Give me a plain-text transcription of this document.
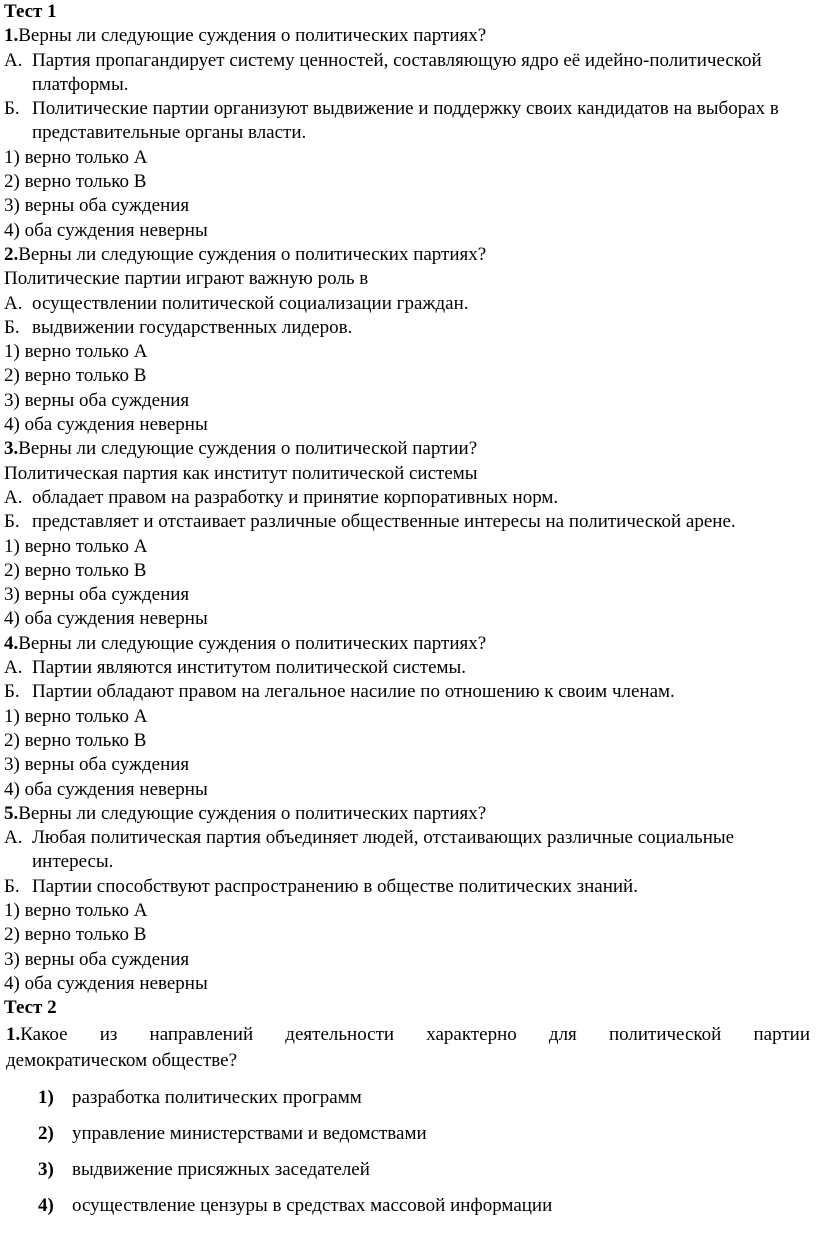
Тест 1
1.Верны ли следующие суждения о политических партиях?
А. Партия пропагандирует систему ценностей, составляющую ядро её идейно-политической платформы.
Б. Политические партии организуют выдвижение и поддержку своих кандидатов на выборах в представительные органы власти.
1) верно только А
2) верно только В
3) верны оба суждения
4) оба суждения неверны
2.Верны ли следующие суждения о политических партиях?
Политические партии играют важную роль в
А. осуществлении политической социализации граждан.
Б. выдвижении государственных лидеров.
1) верно только А
2) верно только В
3) верны оба суждения
4) оба суждения неверны
3.Верны ли следующие суждения о политической партии?
Политическая партия как институт политической системы
А. обладает правом на разработку и принятие корпоративных норм.
Б. представляет и отстаивает различные общественные интересы на политической арене.
1) верно только А
2) верно только В
3) верны оба суждения
4) оба суждения неверны
4.Верны ли следующие суждения о политических партиях?
А. Партии являются институтом политической системы.
Б. Партии обладают правом на легальное насилие по отношению к своим членам.
1) верно только А
2) верно только В
3) верны оба суждения
4) оба суждения неверны
5.Верны ли следующие суждения о политических партиях?
А. Любая политическая партия объединяет людей, отстаивающих различные социальные интересы.
Б. Партии способствуют распространению в обществе политических знаний.
1) верно только А
2) верно только В
3) верны оба суждения
4) оба суждения неверны
Тест 2
1.Какое из направлений деятельности характерно для политической партии
демократическом обществе?
1) разработка политических программ
2) управление министерствами и ведомствами
3) выдвижение присяжных заседателей
4) осуществление цензуры в средствах массовой информации
